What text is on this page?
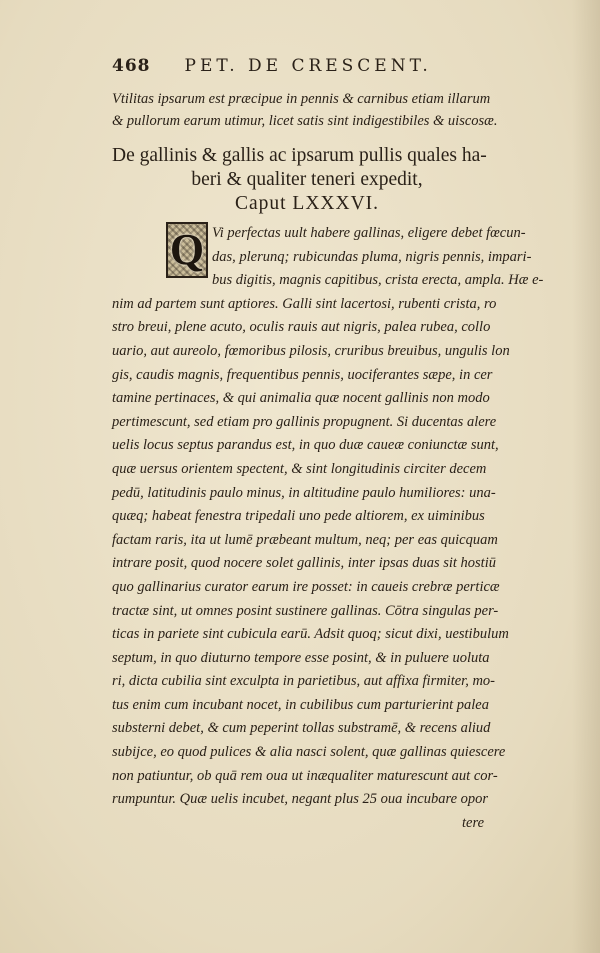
468 PET. DE CRESCENT.
Vtilitas ipsarum est præcipue in pennis & carnibus etiam illarum
& pullorum earum utimur, licet satis sint indigestibiles & uiscosæ.
De gallinis & gallis ac ipsarum pullis quales ha-
beri & qualiter teneri expedit,
Caput LXXXVI.
Q Vi perfectas uult habere gallinas, eligere debet fœcun-
das, plerunq; rubicundas pluma, nigris pennis, impari-
bus digitis, magnis capitibus, crista erecta, ampla. Hæ e-
nim ad partem sunt aptiores. Galli sint lacertosi, rubenti crista, ro
stro breui, plene acuto, oculis rauis aut nigris, palea rubea, collo
uario, aut aureolo, fœmoribus pilosis, cruribus breuibus, ungulis lon
gis, caudis magnis, frequentibus pennis, uociferantes sæpe, in cer
tamine pertinaces, & qui animalia quæ nocent gallinis non modo
pertimescunt, sed etiam pro gallinis propugnent. Si ducentas alere
uelis locus septus parandus est, in quo duæ caueæ coniunctæ sunt,
quæ uersus orientem spectent, & sint longitudinis circiter decem
pedū, latitudinis paulo minus, in altitudine paulo humiliores: una-
quæq; habeat fenestra tripedali uno pede altiorem, ex uiminibus
factam raris, ita ut lumē præbeant multum, neq; per eas quicquam
intrare posit, quod nocere solet gallinis, inter ipsas duas sit hostiū
quo gallinarius curator earum ire posset: in caueis crebræ perticæ
tractæ sint, ut omnes posint sustinere gallinas. Cōtra singulas per-
ticas in pariete sint cubicula earū. Adsit quoq; sicut dixi, uestibulum
septum, in quo diuturno tempore esse posint, & in puluere uoluta
ri, dicta cubilia sint exculpta in parietibus, aut affixa firmiter, mo-
tus enim cum incubant nocet, in cubilibus cum parturierint palea
substerni debet, & cum peperint tollas substramē, & recens aliud
subijce, eo quod pulices & alia nasci solent, quæ gallinas quiescere
non patiuntur, ob quā rem oua ut inæqualiter maturescunt aut cor-
rumpuntur. Quæ uelis incubet, negant plus 25 oua incubare opor
tere
